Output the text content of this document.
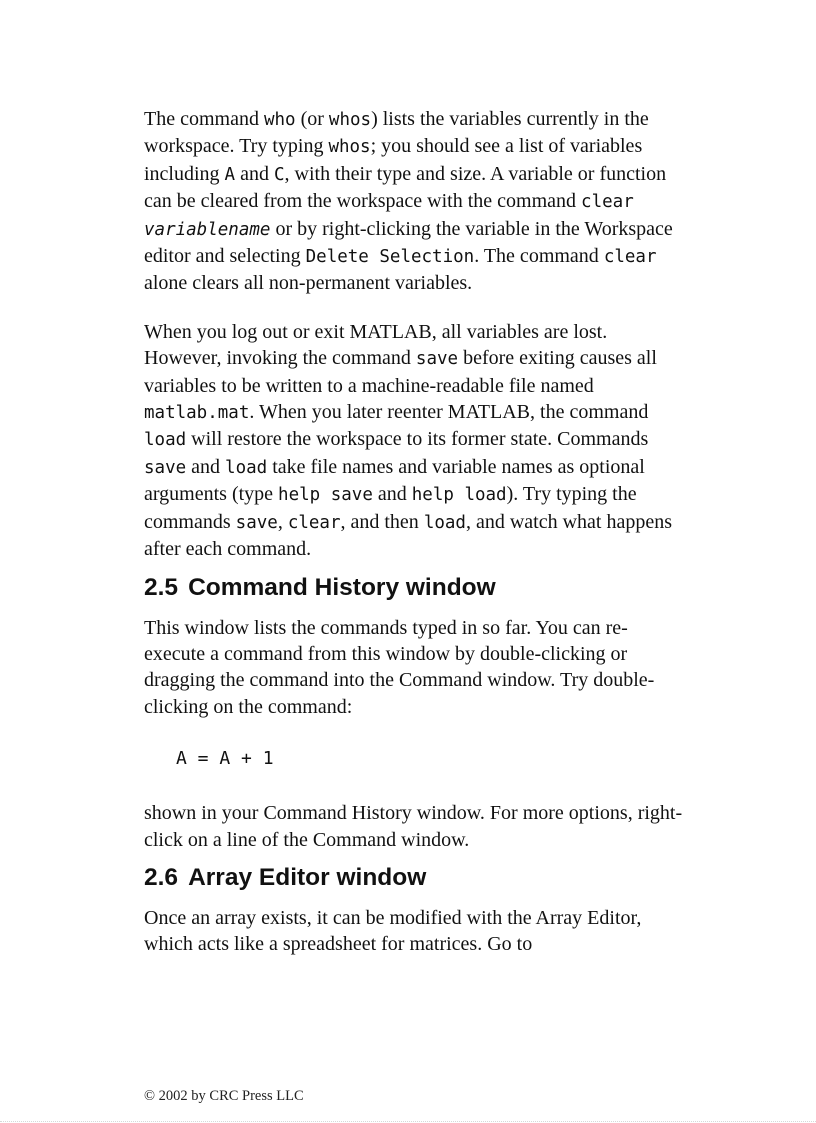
The command who (or whos) lists the variables currently in the workspace. Try typing whos; you should see a list of variables including A and C, with their type and size. A variable or function can be cleared from the workspace with the command clear variablename or by right-clicking the variable in the Workspace editor and selecting Delete Selection. The command clear alone clears all non-permanent variables.

When you log out or exit MATLAB, all variables are lost. However, invoking the command save before exiting causes all variables to be written to a machine-readable file named matlab.mat. When you later reenter MATLAB, the command load will restore the workspace to its former state. Commands save and load take file names and variable names as optional arguments (type help save and help load). Try typing the commands save, clear, and then load, and watch what happens after each command.

2.5 Command History window

This window lists the commands typed in so far. You can re-execute a command from this window by double-clicking or dragging the command into the Command window. Try double-clicking on the command:

A = A + 1

shown in your Command History window. For more options, right-click on a line of the Command window.

2.6 Array Editor window

Once an array exists, it can be modified with the Array Editor, which acts like a spreadsheet for matrices. Go to

© 2002 by CRC Press LLC
